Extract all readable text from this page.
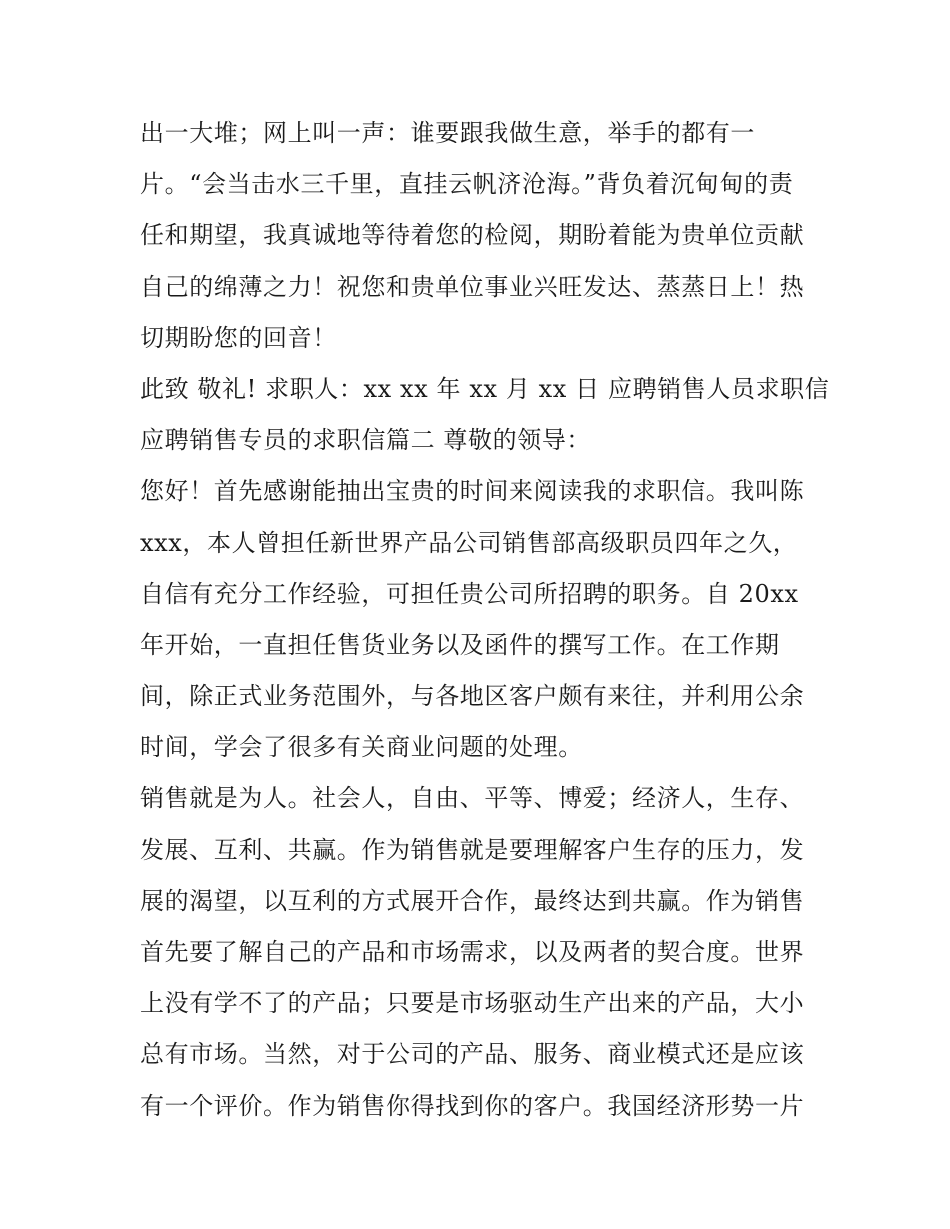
出一大堆；网上叫一声：谁要跟我做生意，举手的都有一
片。“会当击水三千里，直挂云帆济沧海。”背负着沉甸甸的责
任和期望，我真诚地等待着您的检阅，期盼着能为贵单位贡献
自己的绵薄之力！祝您和贵单位事业兴旺发达、蒸蒸日上！热
切期盼您的回音！
此致 敬礼! 求职人：xx xx 年 xx 月 xx 日 应聘销售人员求职信
应聘销售专员的求职信篇二 尊敬的领导：
您好！首先感谢能抽出宝贵的时间来阅读我的求职信。我叫陈
xxx，本人曾担任新世界产品公司销售部高级职员四年之久，
自信有充分工作经验，可担任贵公司所招聘的职务。自 20xx
年开始，一直担任售货业务以及函件的撰写工作。在工作期
间，除正式业务范围外，与各地区客户颇有来往，并利用公余
时间，学会了很多有关商业问题的处理。
销售就是为人。社会人，自由、平等、博爱；经济人，生存、
发展、互利、共赢。作为销售就是要理解客户生存的压力，发
展的渴望，以互利的方式展开合作，最终达到共赢。作为销售
首先要了解自己的产品和市场需求，以及两者的契合度。世界
上没有学不了的产品；只要是市场驱动生产出来的产品，大小
总有市场。当然，对于公司的产品、服务、商业模式还是应该
有一个评价。作为销售你得找到你的客户。我国经济形势一片
